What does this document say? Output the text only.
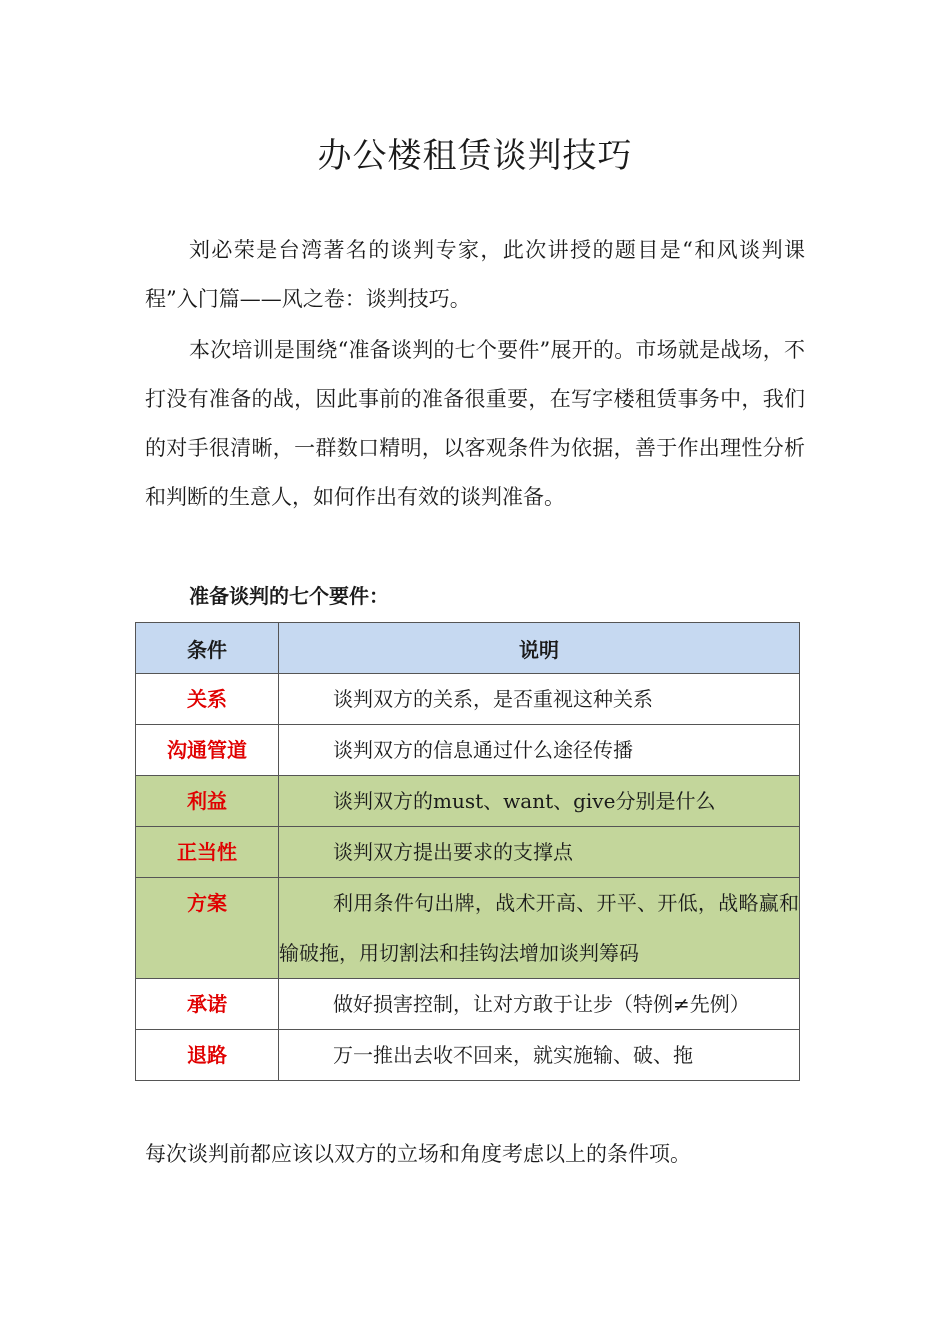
办公楼租赁谈判技巧

刘必荣是台湾著名的谈判专家，此次讲授的题目是“和风谈判课程”入门篇——风之卷：谈判技巧。

本次培训是围绕“准备谈判的七个要件”展开的。市场就是战场，不打没有准备的战，因此事前的准备很重要，在写字楼租赁事务中，我们的对手很清晰，一群数口精明，以客观条件为依据，善于作出理性分析和判断的生意人，如何作出有效的谈判准备。

准备谈判的七个要件：
条件	说明
关系	谈判双方的关系，是否重视这种关系
沟通管道	谈判双方的信息通过什么途径传播
利益	谈判双方的must、want、give分别是什么
正当性	谈判双方提出要求的支撑点
方案	利用条件句出牌，战术开高、开平、开低，战略赢和输破拖，用切割法和挂钩法增加谈判筹码
承诺	做好损害控制，让对方敢于让步（特例≠先例）
退路	万一推出去收不回来，就实施输、破、拖
每次谈判前都应该以双方的立场和角度考虑以上的条件项。
